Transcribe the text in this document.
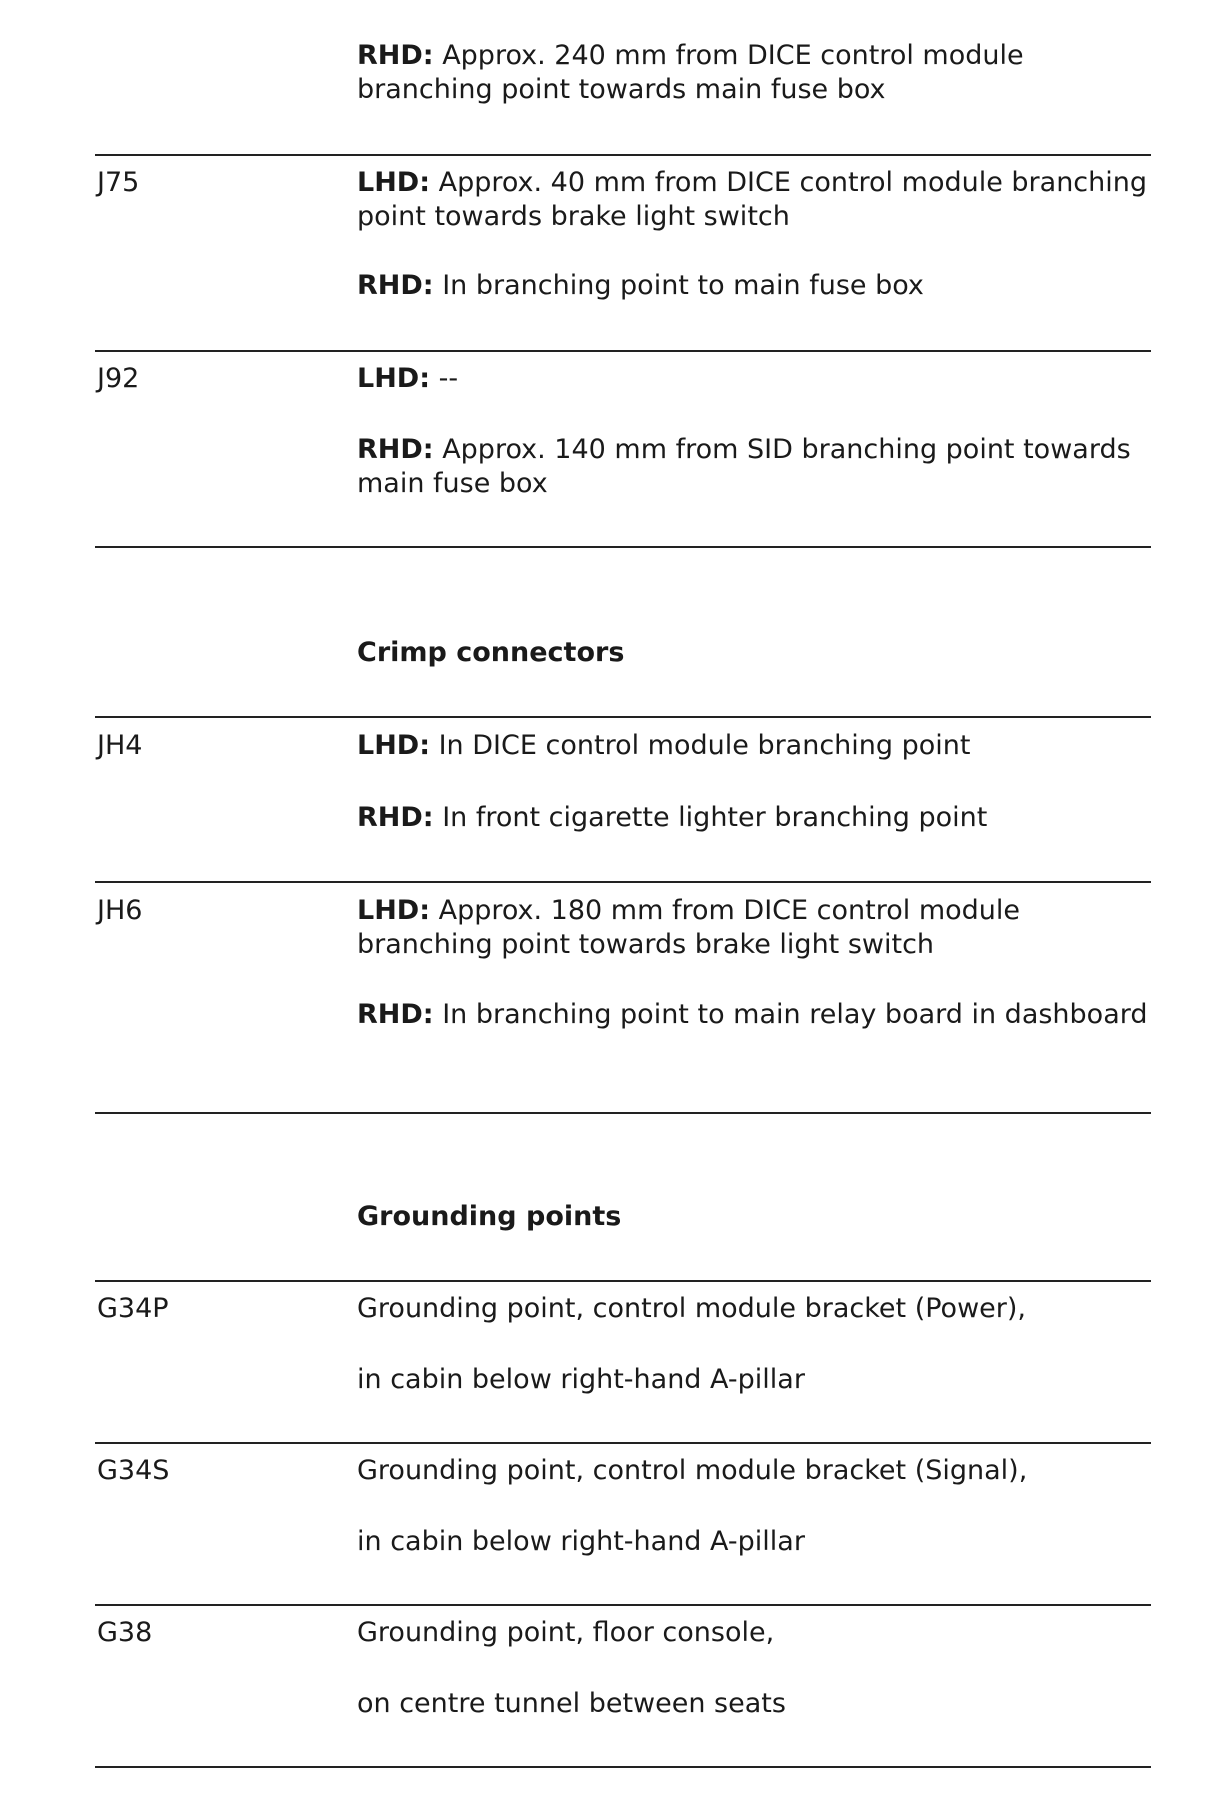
RHD: Approx. 240 mm from DICE control module branching point towards main fuse box
J75	LHD: Approx. 40 mm from DICE control module branching point towards brake light switch
RHD: In branching point to main fuse box
J92	LHD: --
RHD: Approx. 140 mm from SID branching point towards main fuse box
Crimp connectors
JH4	LHD: In DICE control module branching point
RHD: In front cigarette lighter branching point
JH6	LHD: Approx. 180 mm from DICE control module branching point towards brake light switch
RHD: In branching point to main relay board in dashboard
Grounding points
G34P	Grounding point, control module bracket (Power),
in cabin below right-hand A-pillar
G34S	Grounding point, control module bracket (Signal),
in cabin below right-hand A-pillar
G38	Grounding point, floor console,
on centre tunnel between seats
